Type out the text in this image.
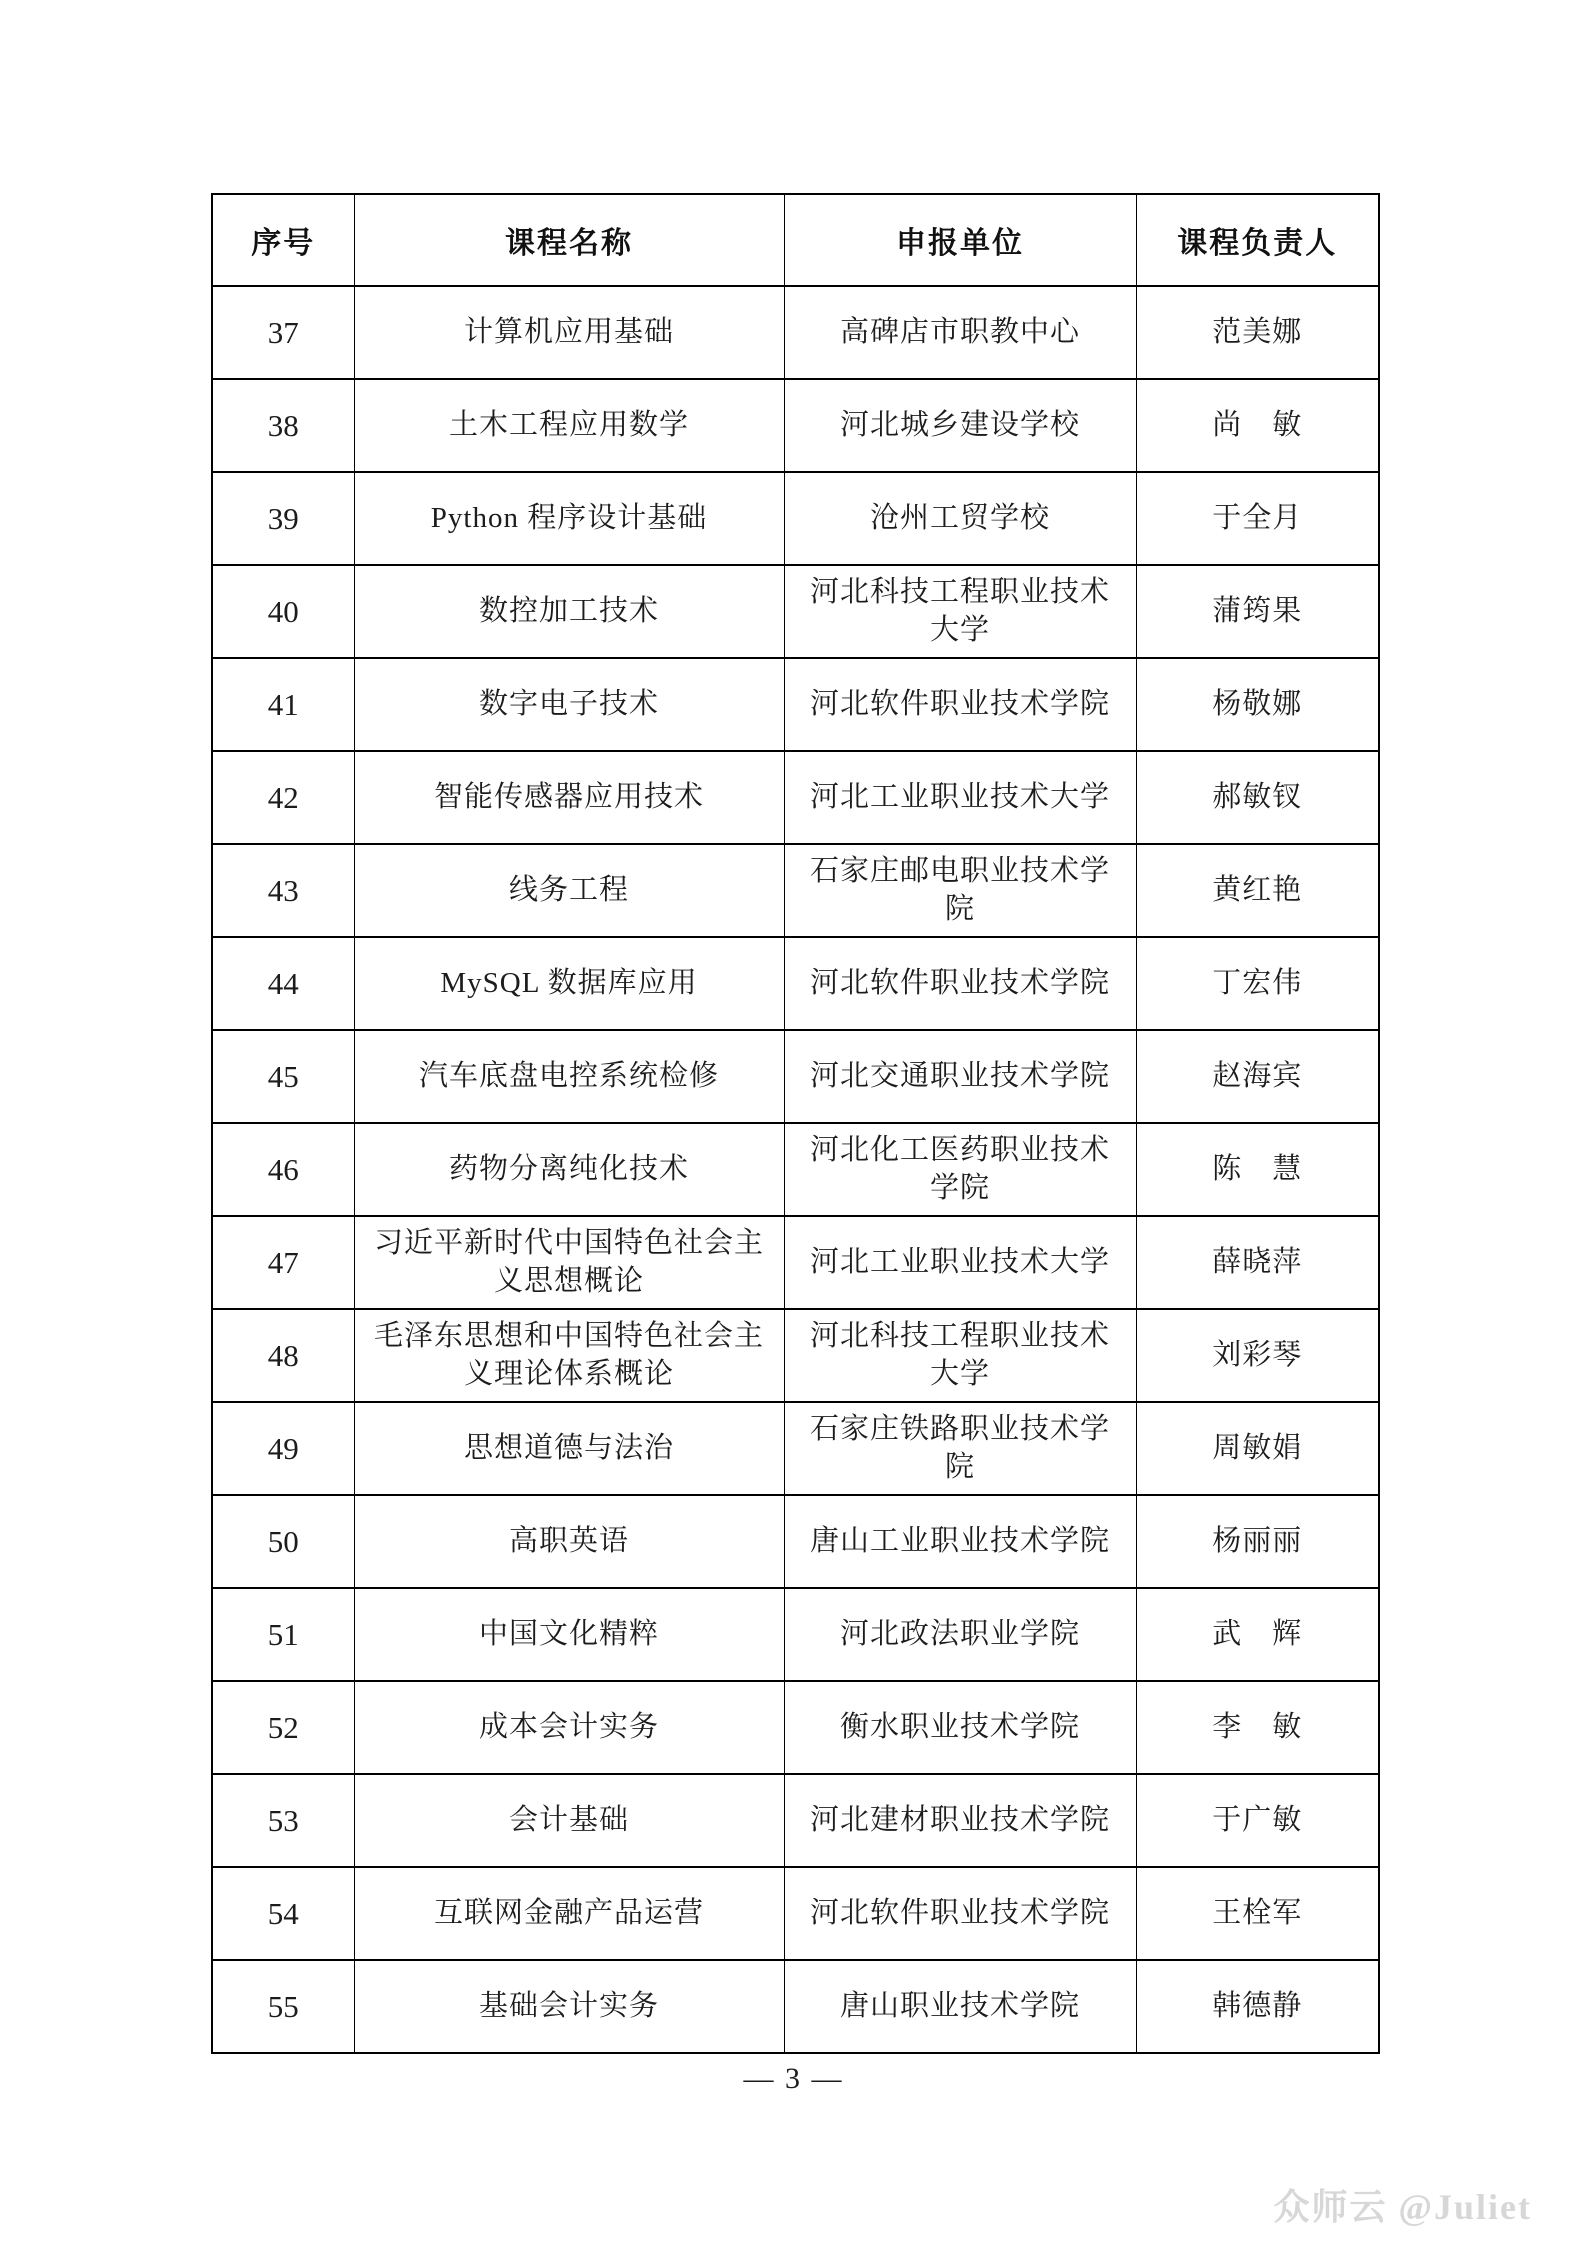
序号	课程名称	申报单位	课程负责人
37	计算机应用基础	高碑店市职教中心	范美娜
38	土木工程应用数学	河北城乡建设学校	尚　敏
39	Python 程序设计基础	沧州工贸学校	于全月
40	数控加工技术	河北科技工程职业技术大学	蒲筠果
41	数字电子技术	河北软件职业技术学院	杨敬娜
42	智能传感器应用技术	河北工业职业技术大学	郝敏钗
43	线务工程	石家庄邮电职业技术学院	黄红艳
44	MySQL 数据库应用	河北软件职业技术学院	丁宏伟
45	汽车底盘电控系统检修	河北交通职业技术学院	赵海宾
46	药物分离纯化技术	河北化工医药职业技术学院	陈　慧
47	习近平新时代中国特色社会主义思想概论	河北工业职业技术大学	薛晓萍
48	毛泽东思想和中国特色社会主义理论体系概论	河北科技工程职业技术大学	刘彩琴
49	思想道德与法治	石家庄铁路职业技术学院	周敏娟
50	高职英语	唐山工业职业技术学院	杨丽丽
51	中国文化精粹	河北政法职业学院	武　辉
52	成本会计实务	衡水职业技术学院	李　敏
53	会计基础	河北建材职业技术学院	于广敏
54	互联网金融产品运营	河北软件职业技术学院	王栓军
55	基础会计实务	唐山职业技术学院	韩德静
— 3 —
众师云 @Juliet
